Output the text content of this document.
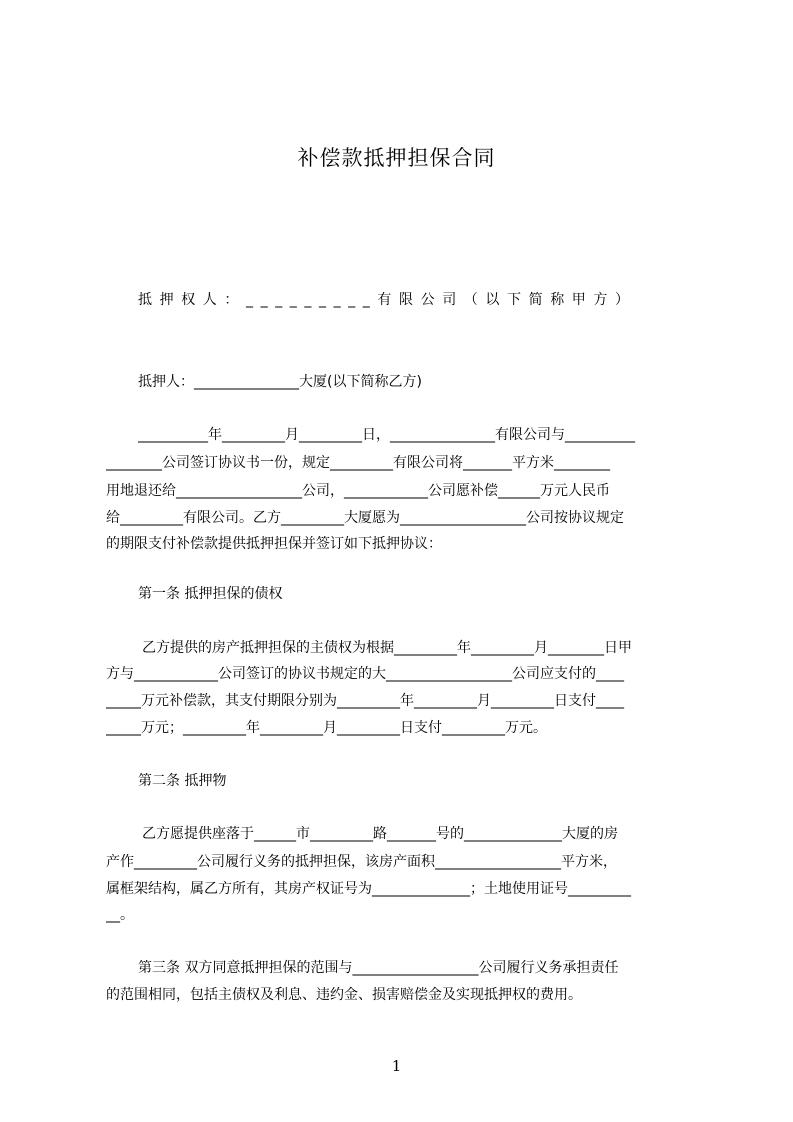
补偿款抵押担保合同
抵押权人：_________有限公司（以下简称甲方）
抵押人：_______________大厦(以下简称乙方)
__________年_________月_________日，_______________有限公司与__________
________公司签订协议书一份，规定_________有限公司将_______平方米________
用地退还给__________________公司，____________公司愿补偿______万元人民币
给_________有限公司。乙方_________大厦愿为__________________公司按协议规定
的期限支付补偿款提供抵押担保并签订如下抵押协议：
第一条 抵押担保的债权
乙方提供的房产抵押担保的主债权为根据_________年_________月________日甲
方与____________公司签订的协议书规定的大__________________公司应支付的____
_____万元补偿款，其支付期限分别为_________年_________月_________日支付____
_____万元；_________年_________月_________日支付_________万元。
第二条 抵押物
乙方愿提供座落于______市_________路_______号的______________大厦的房
产作_________公司履行义务的抵押担保，该房产面积__________________平方米，
属框架结构，属乙方所有，其房产权证号为______________；土地使用证号_________
__。
第三条 双方同意抵押担保的范围与__________________公司履行义务承担责任
的范围相同，包括主债权及利息、违约金、损害赔偿金及实现抵押权的费用。
1
